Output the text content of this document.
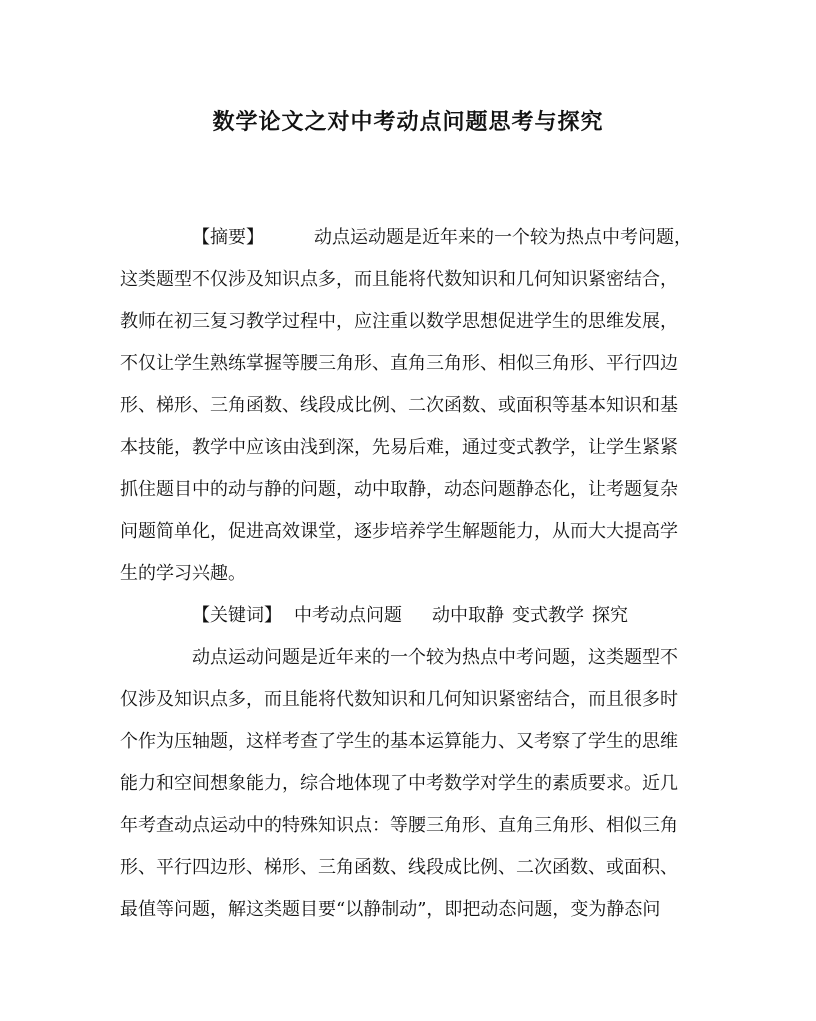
数学论文之对中考动点问题思考与探究
【摘要】	动点运动题是近年来的一个较为热点中考问题，
这类题型不仅涉及知识点多，而且能将代数知识和几何知识紧密结合，
教师在初三复习教学过程中，应注重以数学思想促进学生的思维发展，
不仅让学生熟练掌握等腰三角形、直角三角形、相似三角形、平行四边
形、梯形、三角函数、线段成比例、二次函数、或面积等基本知识和基
本技能，教学中应该由浅到深，先易后难，通过变式教学，让学生紧紧
抓住题目中的动与静的问题，动中取静，动态问题静态化，让考题复杂
问题简单化，促进高效课堂，逐步培养学生解题能力，从而大大提高学
生的学习兴趣。
【关键词】 中考动点问题 动中取静 变式教学 探究
动点运动问题是近年来的一个较为热点中考问题，这类题型不
仅涉及知识点多，而且能将代数知识和几何知识紧密结合，而且很多时
个作为压轴题，这样考查了学生的基本运算能力、又考察了学生的思维
能力和空间想象能力，综合地体现了中考数学对学生的素质要求。近几
年考查动点运动中的特殊知识点：等腰三角形、直角三角形、相似三角
形、平行四边形、梯形、三角函数、线段成比例、二次函数、或面积、
最值等问题，解这类题目要“以静制动”，即把动态问题，变为静态问
